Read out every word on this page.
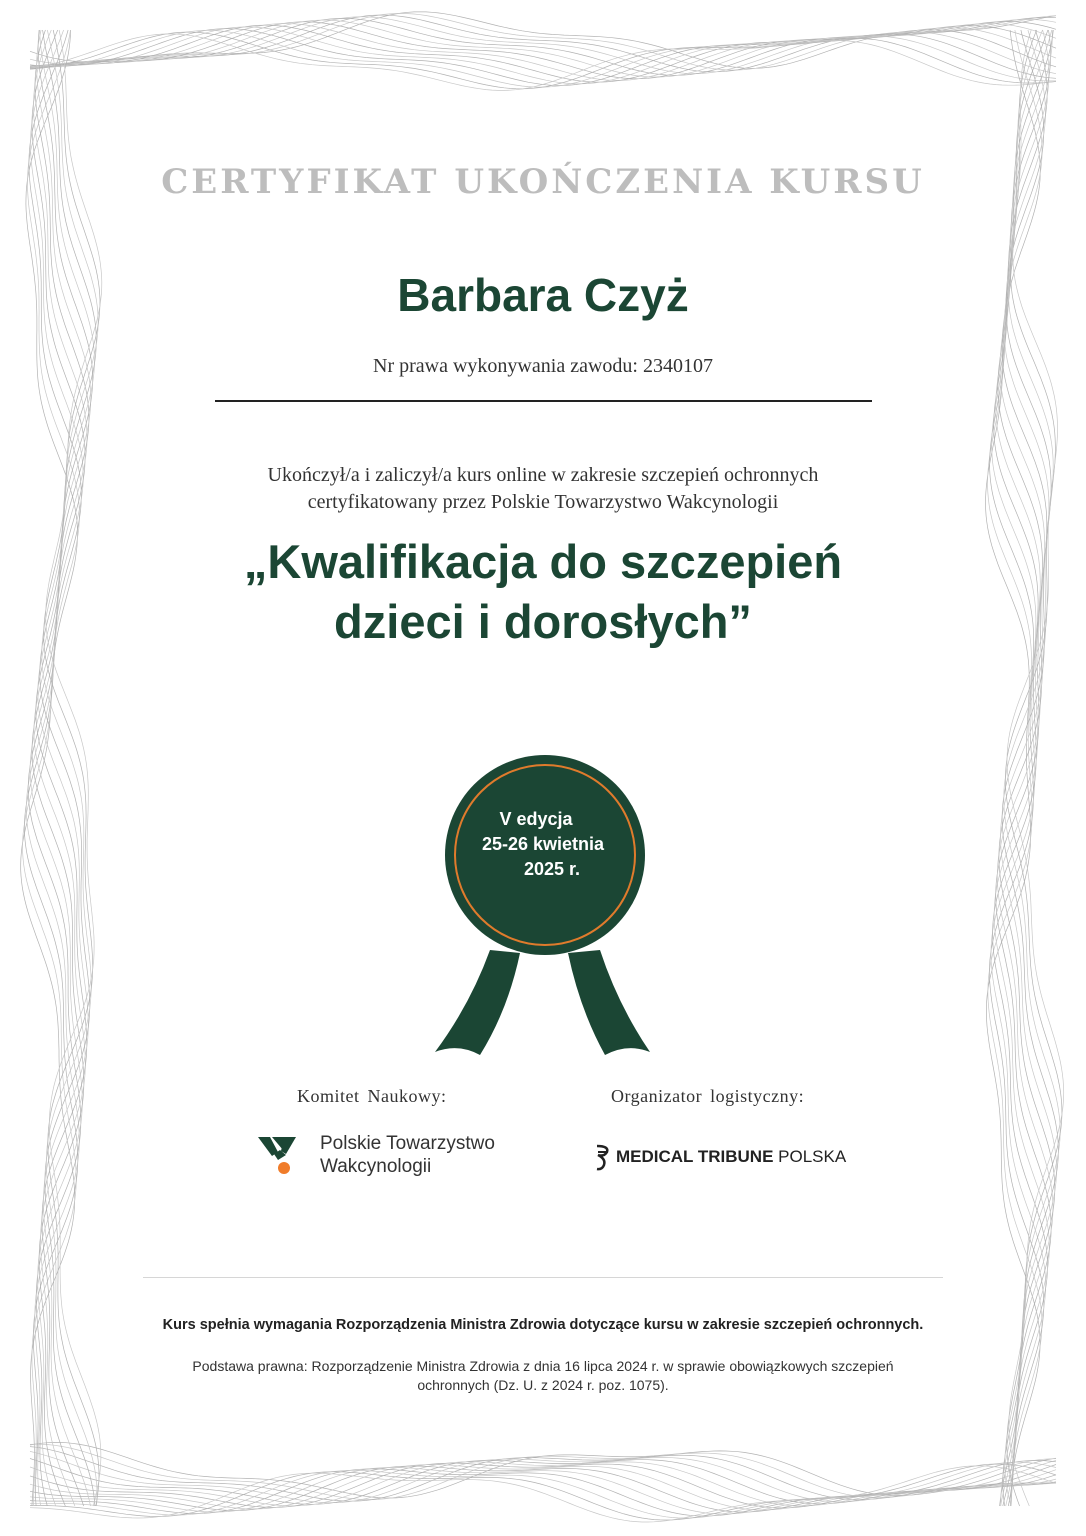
CERTYFIKAT UKOŃCZENIA KURSU
Barbara Czyż
Nr prawa wykonywania zawodu: 2340107
Ukończył/a i zaliczył/a kurs online w zakresie szczepień ochronnych
certyfikatowany przez Polskie Towarzystwo Wakcynologii
„Kwalifikacja do szczepień
dzieci i dorosłych”
V edycja
25-26 kwietnia
2025 r.
Komitet Naukowy:	Organizator logistyczny:
Polskie Towarzystwo
Wakcynologii	MEDICAL TRIBUNE POLSKA
Kurs spełnia wymagania Rozporządzenia Ministra Zdrowia dotyczące kursu w zakresie szczepień ochronnych.
Podstawa prawna: Rozporządzenie Ministra Zdrowia z dnia 16 lipca 2024 r. w sprawie obowiązkowych szczepień
ochronnych (Dz. U. z 2024 r. poz. 1075).
